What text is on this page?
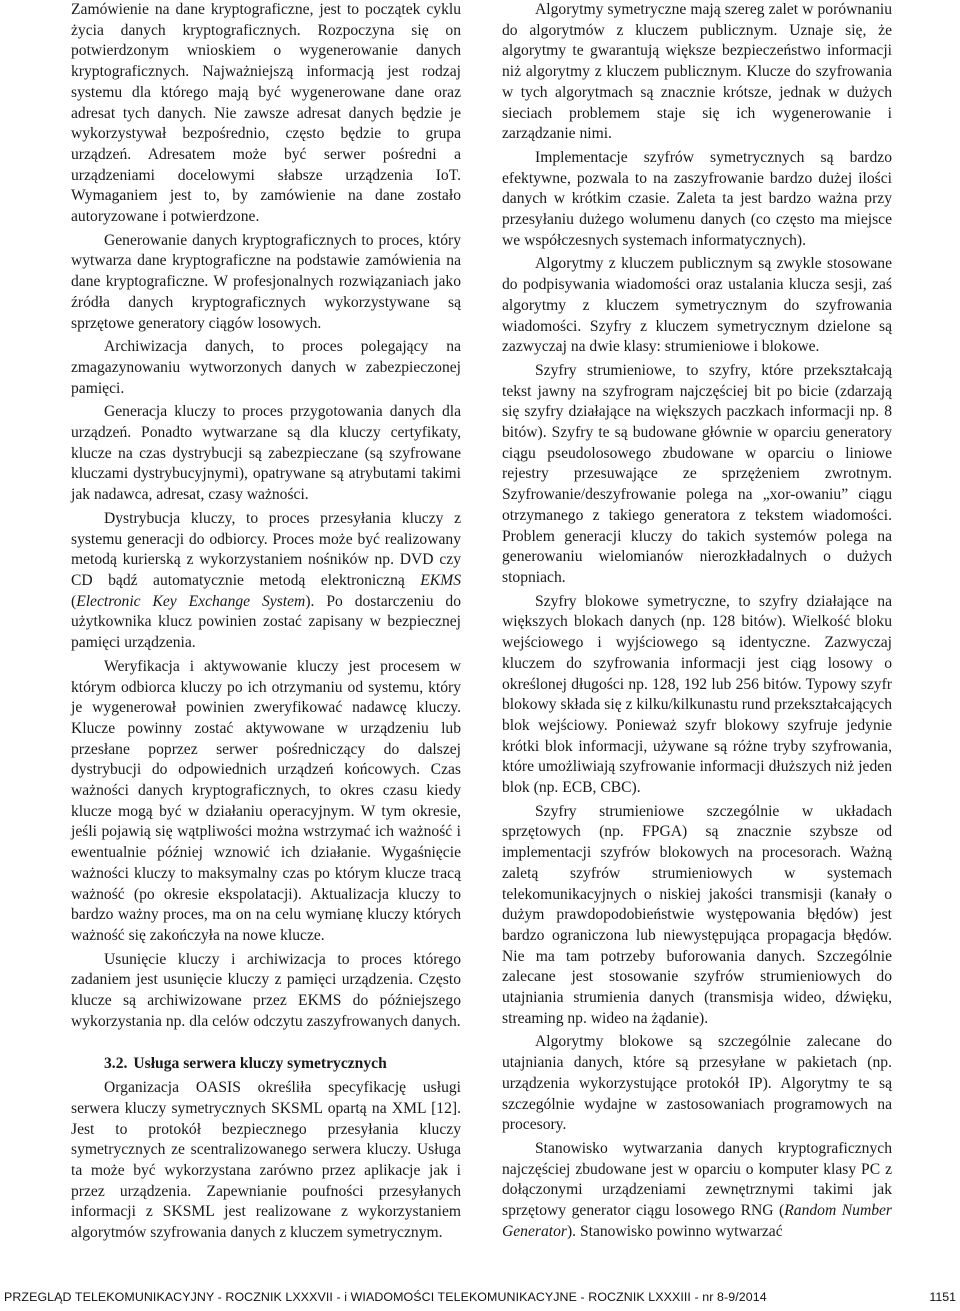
Zamówienie na dane kryptograficzne, jest to początek cyklu życia danych kryptograficznych. Rozpoczyna się on potwierdzonym wnioskiem o wygenerowanie danych kryptograficznych. Najważniejszą informacją jest rodzaj systemu dla którego mają być wygenerowane dane oraz adresat tych danych. Nie zawsze adresat danych będzie je wykorzystywał bezpośrednio, często będzie to grupa urządzeń. Adresatem może być serwer pośredni a urządzeniami docelowymi słabsze urządzenia IoT. Wymaganiem jest to, by zamówienie na dane zostało autoryzowane i potwierdzone.

Generowanie danych kryptograficznych to proces, który wytwarza dane kryptograficzne na podstawie zamówienia na dane kryptograficzne. W profesjonalnych rozwiązaniach jako źródła danych kryptograficznych wykorzystywane są sprzętowe generatory ciągów losowych.

Archiwizacja danych, to proces polegający na zmagazynowaniu wytworzonych danych w zabezpieczonej pamięci.

Generacja kluczy to proces przygotowania danych dla urządzeń. Ponadto wytwarzane są dla kluczy certyfikaty, klucze na czas dystrybucji są zabezpieczane (są szyfrowane kluczami dystrybucyjnymi), opatrywane są atrybutami takimi jak nadawca, adresat, czasy ważności.

Dystrybucja kluczy, to proces przesyłania kluczy z systemu generacji do odbiorcy. Proces może być realizowany metodą kurierską z wykorzystaniem nośników np. DVD czy CD bądź automatycznie metodą elektroniczną EKMS (Electronic Key Exchange System). Po dostarczeniu do użytkownika klucz powinien zostać zapisany w bezpiecznej pamięci urządzenia.

Weryfikacja i aktywowanie kluczy jest procesem w którym odbiorca kluczy po ich otrzymaniu od systemu, który je wygenerował powinien zweryfikować nadawcę kluczy. Klucze powinny zostać aktywowane w urządzeniu lub przesłane poprzez serwer pośredniczący do dalszej dystrybucji do odpowiednich urządzeń końcowych. Czas ważności danych kryptograficznych, to okres czasu kiedy klucze mogą być w działaniu operacyjnym. W tym okresie, jeśli pojawią się wątpliwości można wstrzymać ich ważność i ewentualnie później wznowić ich działanie. Wygaśnięcie ważności kluczy to maksymalny czas po którym klucze tracą ważność (po okresie ekspolatacji). Aktualizacja kluczy to bardzo ważny proces, ma on na celu wymianę kluczy których ważność się zakończyła na nowe klucze.

Usunięcie kluczy i archiwizacja to proces którego zadaniem jest usunięcie kluczy z pamięci urządzenia. Często klucze są archiwizowane przez EKMS do późniejszego wykorzystania np. dla celów odczytu zaszyfrowanych danych.

3.2. Usługa serwera kluczy symetrycznych

Organizacja OASIS określiła specyfikację usługi serwera kluczy symetrycznych SKSML opartą na XML [12]. Jest to protokół bezpiecznego przesyłania kluczy symetrycznych ze scentralizowanego serwera kluczy. Usługa ta może być wykorzystana zarówno przez aplikacje jak i przez urządzenia. Zapewnianie poufności przesyłanych informacji z SKSML jest realizowane z wykorzystaniem algorytmów szyfrowania danych z kluczem symetrycznym.

Algorytmy symetryczne mają szereg zalet w porównaniu do algorytmów z kluczem publicznym. Uznaje się, że algorytmy te gwarantują większe bezpieczeństwo informacji niż algorytmy z kluczem publicznym. Klucze do szyfrowania w tych algorytmach są znacznie krótsze, jednak w dużych sieciach problemem staje się ich wygenerowanie i zarządzanie nimi.

Implementacje szyfrów symetrycznych są bardzo efektywne, pozwala to na zaszyfrowanie bardzo dużej ilości danych w krótkim czasie. Zaleta ta jest bardzo ważna przy przesyłaniu dużego wolumenu danych (co często ma miejsce we współczesnych systemach informatycznych).

Algorytmy z kluczem publicznym są zwykle stosowane do podpisywania wiadomości oraz ustalania klucza sesji, zaś algorytmy z kluczem symetrycznym do szyfrowania wiadomości. Szyfry z kluczem symetrycznym dzielone są zazwyczaj na dwie klasy: strumieniowe i blokowe.

Szyfry strumieniowe, to szyfry, które przekształcają tekst jawny na szyfrogram najczęściej bit po bicie (zdarzają się szyfry działające na większych paczkach informacji np. 8 bitów). Szyfry te są budowane głównie w oparciu generatory ciągu pseudolosowego zbudowane w oparciu o liniowe rejestry przesuwające ze sprzężeniem zwrotnym. Szyfrowanie/deszyfrowanie polega na „xor-owaniu” ciągu otrzymanego z takiego generatora z tekstem wiadomości. Problem generacji kluczy do takich systemów polega na generowaniu wielomianów nierozkładalnych o dużych stopniach.

Szyfry blokowe symetryczne, to szyfry działające na większych blokach danych (np. 128 bitów). Wielkość bloku wejściowego i wyjściowego są identyczne. Zazwyczaj kluczem do szyfrowania informacji jest ciąg losowy o określonej długości np. 128, 192 lub 256 bitów. Typowy szyfr blokowy składa się z kilku/kilkunastu rund przekształcających blok wejściowy. Ponieważ szyfr blokowy szyfruje jedynie krótki blok informacji, używane są różne tryby szyfrowania, które umożliwiają szyfrowanie informacji dłuższych niż jeden blok (np. ECB, CBC).

Szyfry strumieniowe szczególnie w układach sprzętowych (np. FPGA) są znacznie szybsze od implementacji szyfrów blokowych na procesorach. Ważną zaletą szyfrów strumieniowych w systemach telekomunikacyjnych o niskiej jakości transmisji (kanały o dużym prawdopodobieństwie występowania błędów) jest bardzo ograniczona lub niewystępująca propagacja błędów. Nie ma tam potrzeby buforowania danych. Szczególnie zalecane jest stosowanie szyfrów strumieniowych do utajniania strumienia danych (transmisja wideo, dźwięku, streaming np. wideo na żądanie).

Algorytmy blokowe są szczególnie zalecane do utajniania danych, które są przesyłane w pakietach (np. urządzenia wykorzystujące protokół IP). Algorytmy te są szczególnie wydajne w zastosowaniach programowych na procesory.

Stanowisko wytwarzania danych kryptograficznych najczęściej zbudowane jest w oparciu o komputer klasy PC z dołączonymi urządzeniami zewnętrznymi takimi jak sprzętowy generator ciągu losowego RNG (Random Number Generator). Stanowisko powinno wytwarzać

PRZEGLĄD TELEKOMUNIKACYJNY - ROCZNIK LXXXVII - i WIADOMOŚCI TELEKOMUNIKACYJNE - ROCZNIK LXXXIII - nr 8-9/2014	1151
